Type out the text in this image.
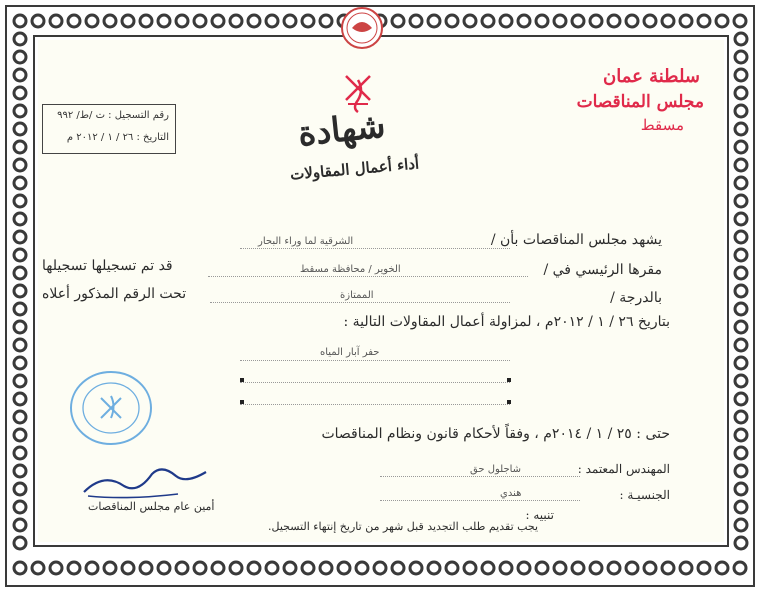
شهادة
أداء أعمال المقاولات
سلطنة عمان
مجلس المناقصات
مسقط
رقم التسجيل : ت /ط/ ٩٩٢
التاريخ : ٢٦ / ١ / ٢٠١٢ م
يشهد مجلس المناقصات بأن /
الشرقية لما وراء البحار
مقرها الرئيسي في /
الخوير / محافظة مسقط
قد تم تسجيلها تسجيلها
بالدرجة /
الممتازة
تحت الرقم المذكور أعلاه
بتاريخ ٢٦ / ١ / ٢٠١٢م ، لمزاولة أعمال المقاولات التالية :
حفر آبار المياه
حتى : ٢٥ / ١ / ٢٠١٤م ، وفقاً لأحكام قانون ونظام المناقصات
المهندس المعتمد :
شاجلول حق
الجنسيـة :
هندي
تنبيه :
يجب تقديم طلب التجديد قبل شهر من تاريخ إنتهاء التسجيل.
أمين عام مجلس المناقصات
